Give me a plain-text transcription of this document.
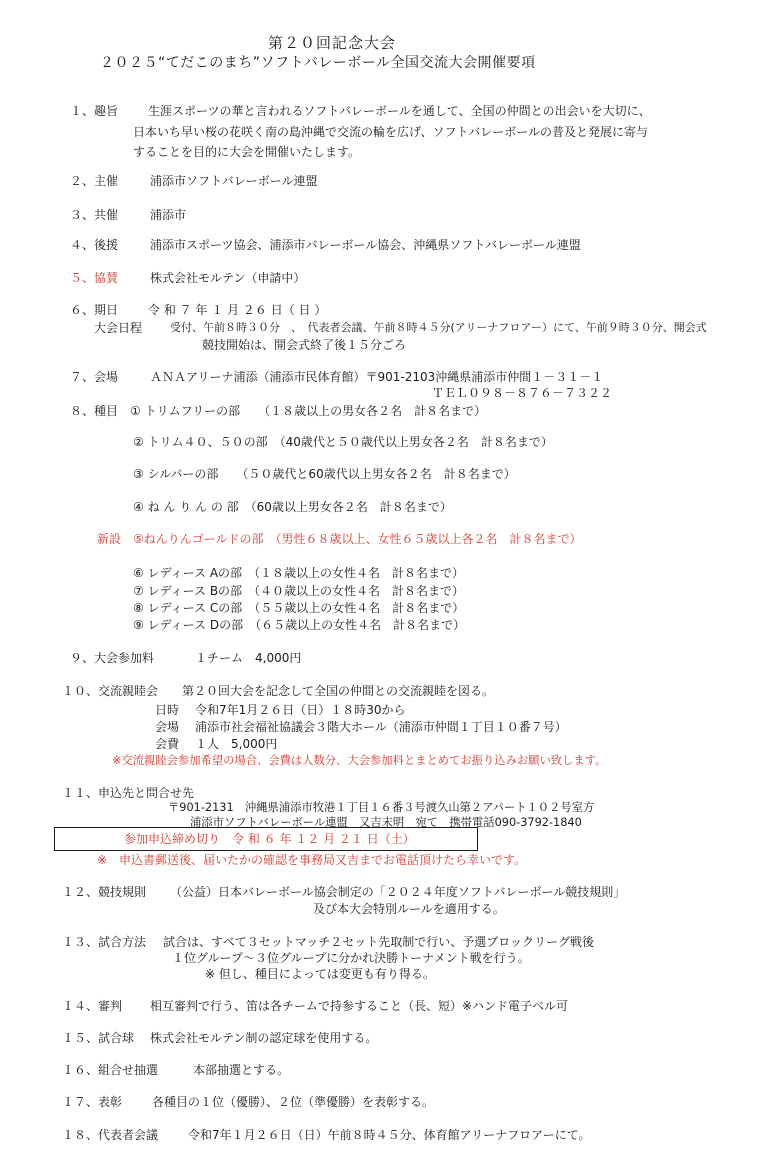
第２０回記念大会
２０２５“てだこのまち”ソフトバレーボール全国交流大会開催要項
１、趣旨 生涯スポーツの華と言われるソフトバレーボールを通して、全国の仲間との出会いを大切に、
日本いち早い桜の花咲く南の島沖縄で交流の輪を広げ、ソフトバレーボールの普及と発展に寄与
することを目的に大会を開催いたします。
２、主催	浦添市ソフトバレーボール連盟
３、共催	浦添市
４、後援	浦添市スポーツ協会、浦添市バレーボール協会、沖縄県ソフトバレーボール連盟
５、協賛	株式会社モルテン（申請中）
６、期日 令 和 ７ 年 １ 月 ２６ 日（ 日 ）
大会日程	受付、午前８時３０分　、　代表者会議、午前８時４５分(アリーナフロアー）にて、午前９時３０分、開会式
競技開始は、開会式終了後１５分ごろ
７、会場	ＡＮＡアリーナ浦添（浦添市民体育館）〒901-2103沖縄県浦添市仲間１－３１－１
ＴＥＬ０９８－８７６－７３２２
８、種目 ① トリムフリーの部　　（１８歳以上の男女各２名　計８名まで）
② トリム４０、５０の部　（40歳代と５０歳代以上男女各２名　計８名まで）
③ シルバーの部　　（５０歳代と60歳代以上男女各２名　計８名まで）
④ ね ん り ん の 部　（60歳以上男女各２名　計８名まで）
新設 ⑤ねんりんゴールドの部　（男性６８歳以上、女性６５歳以上各２名　計８名まで）
⑥ レディース Aの部　（１８歳以上の女性４名　計８名まで）
⑦ レディース Bの部　（４０歳以上の女性４名　計８名まで）
⑧ レディース Cの部　（５５歳以上の女性４名　計８名まで）
⑨ レディース Dの部　（６５歳以上の女性４名　計８名まで）
９、大会参加料	１チーム　4,000円
１０、交流親睦会 第２０回大会を記念して全国の仲間との交流親睦を図る。
日時 令和7年1月２６日（日）１８時30から
会場 浦添市社会福祉協議会３階大ホール（浦添市仲間１丁目１０番７号）
会費 １人　5,000円
※交流親睦会参加希望の場合、会費は人数分、大会参加料とまとめてお振り込みお願い致します。
１１、申込先と問合せ先
〒901-2131　沖縄県浦添市牧港１丁目１６番３号渡久山第２アパート１０２号室方
浦添市ソフトバレーボール連盟　又吉末明　宛て　携帯電話090-3792-1840
参加申込締め切り　令 和 ６ 年 １２ 月 ２１ 日（土）
※　申込書郵送後、届いたかの確認を事務局又吉までお電話頂けたら幸いです。
１２、競技規則 （公益）日本バレーボール協会制定の「２０２４年度ソフトバレーボール競技規則」
及び本大会特別ルールを適用する。
１３、試合方法 試合は、すべて３セットマッチ２セット先取制で行い、予選ブロックリーグ戦後
１位グループ～３位グループに分かれ決勝トーナメント戦を行う。
※ 但し、種目によっては変更も有り得る。
１４、審判 相互審判で行う、笛は各チームで持参すること（長、短）※ハンド電子ベル可
１５、試合球 株式会社モルテン制の認定球を使用する。
１６、組合せ抽選	本部抽選とする。
１７、表彰 各種目の１位（優勝）、２位（準優勝）を表彰する。
１８、代表者会議 令和7年１月２６日（日）午前８時４５分、体育館アリーナフロアーにて。
